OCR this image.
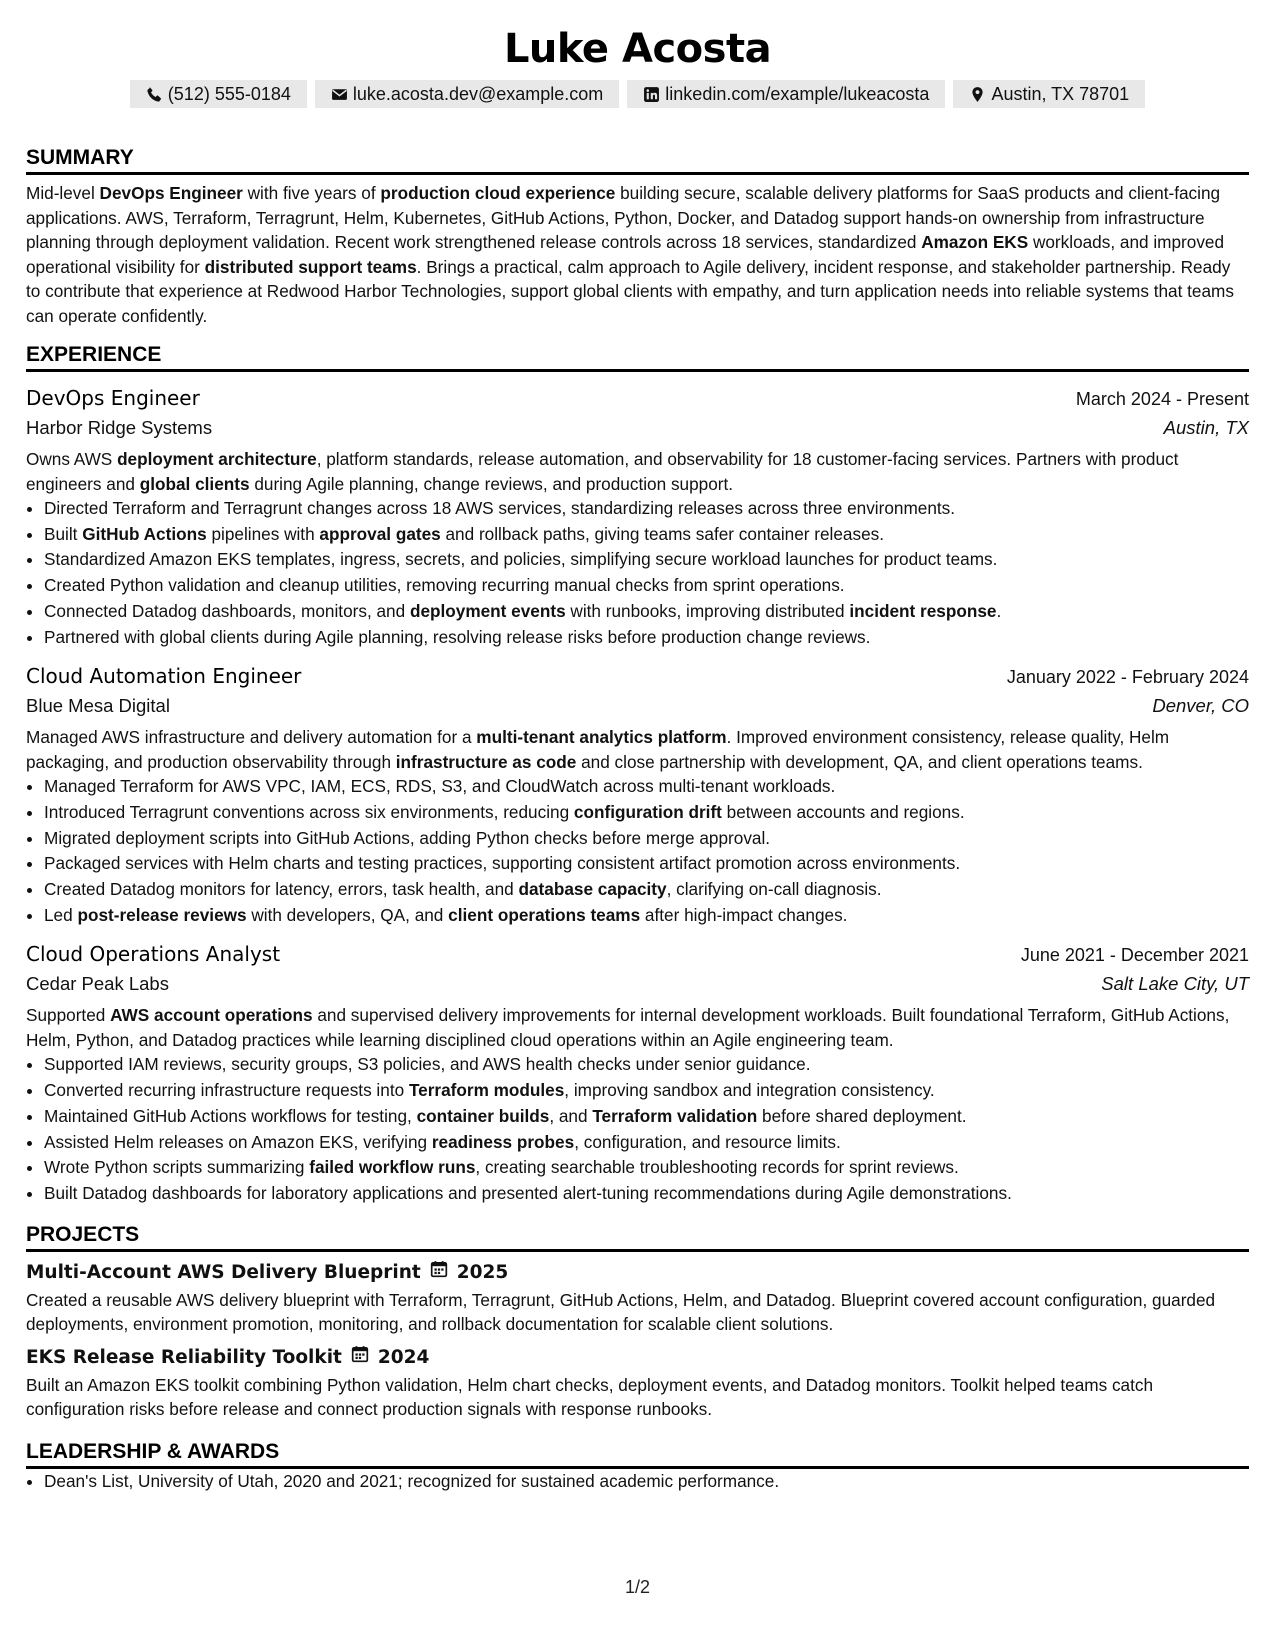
Luke Acosta
(512) 555-0184	luke.acosta.dev@example.com	linkedin.com/example/lukeacosta	Austin, TX 78701
SUMMARY

Mid-level DevOps Engineer with five years of production cloud experience building secure, scalable delivery platforms for SaaS products and client-facing applications. AWS, Terraform, Terragrunt, Helm, Kubernetes, GitHub Actions, Python, Docker, and Datadog support hands-on ownership from infrastructure planning through deployment validation. Recent work strengthened release controls across 18 services, standardized Amazon EKS workloads, and improved operational visibility for distributed support teams. Brings a practical, calm approach to Agile delivery, incident response, and stakeholder partnership. Ready to contribute that experience at Redwood Harbor Technologies, support global clients with empathy, and turn application needs into reliable systems that teams can operate confidently.

EXPERIENCE
DevOps Engineer	March 2024 - Present
Harbor Ridge Systems	Austin, TX

Owns AWS deployment architecture, platform standards, release automation, and observability for 18 customer-facing services. Partners with product engineers and global clients during Agile planning, change reviews, and production support.

• Directed Terraform and Terragrunt changes across 18 AWS services, standardizing releases across three environments.
• Built GitHub Actions pipelines with approval gates and rollback paths, giving teams safer container releases.
• Standardized Amazon EKS templates, ingress, secrets, and policies, simplifying secure workload launches for product teams.
• Created Python validation and cleanup utilities, removing recurring manual checks from sprint operations.
• Connected Datadog dashboards, monitors, and deployment events with runbooks, improving distributed incident response.
• Partnered with global clients during Agile planning, resolving release risks before production change reviews.
Cloud Automation Engineer	January 2022 - February 2024
Blue Mesa Digital	Denver, CO

Managed AWS infrastructure and delivery automation for a multi-tenant analytics platform. Improved environment consistency, release quality, Helm packaging, and production observability through infrastructure as code and close partnership with development, QA, and client operations teams.

• Managed Terraform for AWS VPC, IAM, ECS, RDS, S3, and CloudWatch across multi-tenant workloads.
• Introduced Terragrunt conventions across six environments, reducing configuration drift between accounts and regions.
• Migrated deployment scripts into GitHub Actions, adding Python checks before merge approval.
• Packaged services with Helm charts and testing practices, supporting consistent artifact promotion across environments.
• Created Datadog monitors for latency, errors, task health, and database capacity, clarifying on-call diagnosis.
• Led post-release reviews with developers, QA, and client operations teams after high-impact changes.
Cloud Operations Analyst	June 2021 - December 2021
Cedar Peak Labs	Salt Lake City, UT

Supported AWS account operations and supervised delivery improvements for internal development workloads. Built foundational Terraform, GitHub Actions, Helm, Python, and Datadog practices while learning disciplined cloud operations within an Agile engineering team.

• Supported IAM reviews, security groups, S3 policies, and AWS health checks under senior guidance.
• Converted recurring infrastructure requests into Terraform modules, improving sandbox and integration consistency.
• Maintained GitHub Actions workflows for testing, container builds, and Terraform validation before shared deployment.
• Assisted Helm releases on Amazon EKS, verifying readiness probes, configuration, and resource limits.
• Wrote Python scripts summarizing failed workflow runs, creating searchable troubleshooting records for sprint reviews.
• Built Datadog dashboards for laboratory applications and presented alert-tuning recommendations during Agile demonstrations.
PROJECTS
Multi-Account AWS Delivery Blueprint 2025

Created a reusable AWS delivery blueprint with Terraform, Terragrunt, GitHub Actions, Helm, and Datadog. Blueprint covered account configuration, guarded deployments, environment promotion, monitoring, and rollback documentation for scalable client solutions.

EKS Release Reliability Toolkit 2024

Built an Amazon EKS toolkit combining Python validation, Helm chart checks, deployment events, and Datadog monitors. Toolkit helped teams catch configuration risks before release and connect production signals with response runbooks.

LEADERSHIP & AWARDS
• Dean's List, University of Utah, 2020 and 2021; recognized for sustained academic performance.
1/2
